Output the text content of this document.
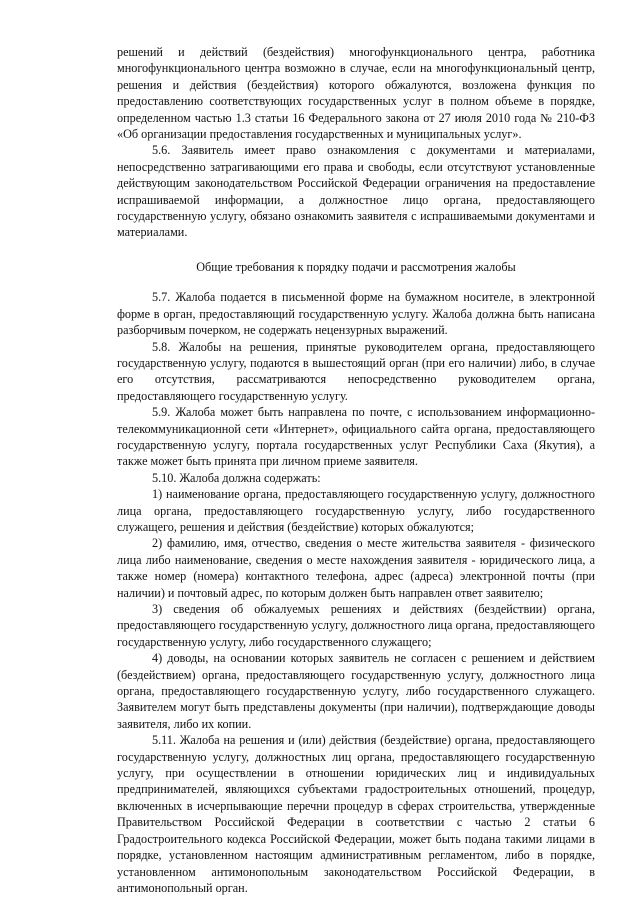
решений и действий (бездействия) многофункционального центра, работника многофункционального центра возможно в случае, если на многофункциональный центр, решения и действия (бездействия) которого обжалуются, возложена функция по предоставлению соответствующих государственных услуг в полном объеме в порядке, определенном частью 1.3 статьи 16 Федерального закона от 27 июля 2010 года № 210-ФЗ «Об организации предоставления государственных и муниципальных услуг».

5.6. Заявитель имеет право ознакомления с документами и материалами, непосредственно затрагивающими его права и свободы, если отсутствуют установленные действующим законодательством Российской Федерации ограничения на предоставление испрашиваемой информации, а должностное лицо органа, предоставляющего государственную услугу, обязано ознакомить заявителя с испрашиваемыми документами и материалами.

Общие требования к порядку подачи и рассмотрения жалобы

5.7. Жалоба подается в письменной форме на бумажном носителе, в электронной форме в орган, предоставляющий государственную услугу. Жалоба должна быть написана разборчивым почерком, не содержать нецензурных выражений.

5.8. Жалобы на решения, принятые руководителем органа, предоставляющего государственную услугу, подаются в вышестоящий орган (при его наличии) либо, в случае его отсутствия, рассматриваются непосредственно руководителем органа, предоставляющего государственную услугу.

5.9. Жалоба может быть направлена по почте, с использованием информационно-телекоммуникационной сети «Интернет», официального сайта органа, предоставляющего государственную услугу, портала государственных услуг Республики Саха (Якутия), а также может быть принята при личном приеме заявителя.

5.10. Жалоба должна содержать:

1) наименование органа, предоставляющего государственную услугу, должностного лица органа, предоставляющего государственную услугу, либо государственного служащего, решения и действия (бездействие) которых обжалуются;

2) фамилию, имя, отчество, сведения о месте жительства заявителя - физического лица либо наименование, сведения о месте нахождения заявителя - юридического лица, а также номер (номера) контактного телефона, адрес (адреса) электронной почты (при наличии) и почтовый адрес, по которым должен быть направлен ответ заявителю;

3) сведения об обжалуемых решениях и действиях (бездействии) органа, предоставляющего государственную услугу, должностного лица органа, предоставляющего государственную услугу, либо государственного служащего;

4) доводы, на основании которых заявитель не согласен с решением и действием (бездействием) органа, предоставляющего государственную услугу, должностного лица органа, предоставляющего государственную услугу, либо государственного служащего. Заявителем могут быть представлены документы (при наличии), подтверждающие доводы заявителя, либо их копии.

5.11. Жалоба на решения и (или) действия (бездействие) органа, предоставляющего государственную услугу, должностных лиц органа, предоставляющего государственную услугу, при осуществлении в отношении юридических лиц и индивидуальных предпринимателей, являющихся субъектами градостроительных отношений, процедур, включенных в исчерпывающие перечни процедур в сферах строительства, утвержденные Правительством Российской Федерации в соответствии с частью 2 статьи 6 Градостроительного кодекса Российской Федерации, может быть подана такими лицами в порядке, установленном настоящим административным регламентом, либо в порядке, установленном антимонопольным законодательством Российской Федерации, в антимонопольный орган.
